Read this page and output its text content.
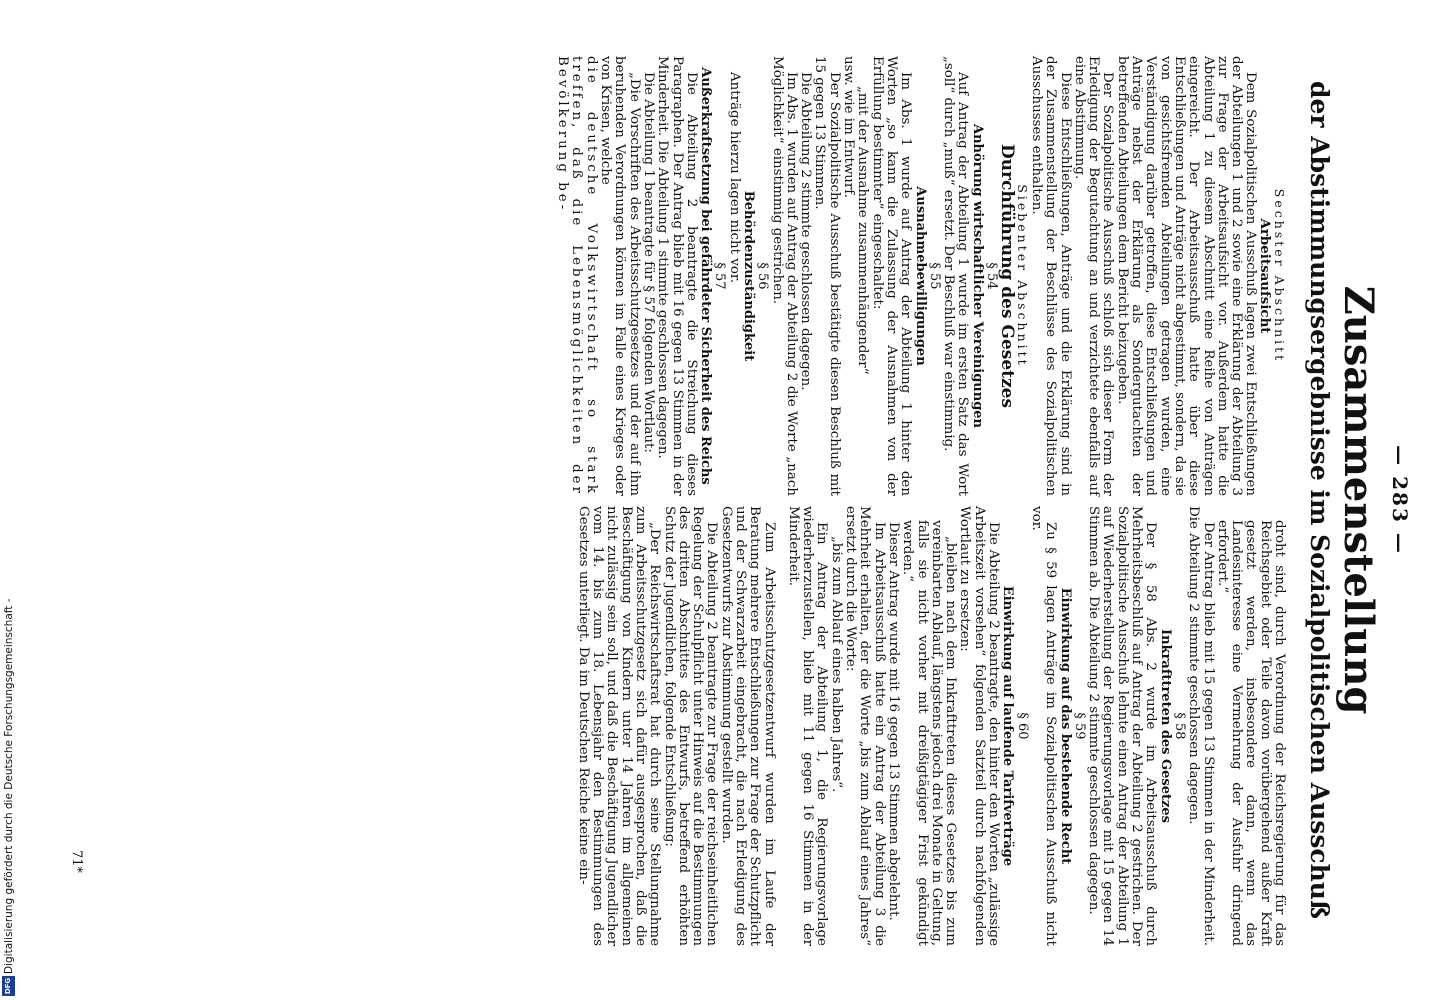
— 283 —
Zusammenstellung
der Abstimmungsergebnisse im Sozialpolitischen Ausschuß

Sechster Abschnitt

Arbeitsaufsicht

Dem Sozialpolitischen Ausschuß lagen zwei Entschließungen der Abteilungen 1 und 2 sowie eine Erklärung der Abteilung 3 zur Frage der Arbeitsaufsicht vor. Außerdem hatte die Abteilung 1 zu diesem Abschnitt eine Reihe von Anträgen eingereicht. Der Arbeitsausschuß hatte über diese Entschließungen und Anträge nicht abgestimmt, sondern, da sie von gesichtsfremden Abteilungen getragen wurden, eine Verständigung darüber getroffen, diese Entschließungen und Anträge nebst der Erklärung als Sondergutachten der betreffenden Abteilungen dem Bericht beizugeben.

Der Sozialpolitische Ausschuß schloß sich dieser Form der Erledigung der Begutachtung an und verzichtete ebenfalls auf eine Abstimmung.

Diese Entschließungen, Anträge und die Erklärung sind in der Zusammenstellung der Beschlüsse des Sozialpolitischen Ausschusses enthalten.

Siebenter Abschnitt

Durchführung des Gesetzes

§ 54

Anhörung wirtschaftlicher Vereinigungen

Auf Antrag der Abteilung 1 wurde im ersten Satz das Wort „soll“ durch „muß“ ersetzt. Der Beschluß war einstimmig.

§ 55

Ausnahmebewilligungen

Im Abs. 1 wurde auf Antrag der Abteilung 1 hinter den Worten „so kann die Zulassung der Ausnahmen von der Erfüllung bestimmter“ eingeschaltet:

„mit der Ausnahme zusammenhängender“

usw. wie im Entwurf.

Der Sozialpolitische Ausschuß bestätigte diesen Beschluß mit 15 gegen 13 Stimmen.

Die Abteilung 2 stimmte geschlossen dagegen.

Im Abs. 1 wurden auf Antrag der Abteilung 2 die Worte „nach Möglichkeit“ einstimmig gestrichen.

§ 56

Behördenzuständigkeit

Anträge hierzu lagen nicht vor.

§ 57

Außerkraftsetzung bei gefährdeter Sicherheit des Reichs

Die Abteilung 2 beantragte die Streichung dieses Paragraphen. Der Antrag blieb mit 16 gegen 13 Stimmen in der Minderheit. Die Abteilung 1 stimmte geschlossen dagegen.

Die Abteilung 1 beantragte für § 57 folgenden Wortlaut:

„Die Vorschriften des Arbeitsschutzgesetzes und der auf ihm beruhenden Verordnungen können im Falle eines Krieges oder von Krisen, welche

die deutsche Volkswirtschaft so stark treffen, daß die Lebensmöglichkeiten der Bevölkerung be-

droht sind, durch Verordnung der Reichsregierung für das Reichsgebiet oder Teile davon vorübergehend außer Kraft gesetzt werden, insbesondere dann, wenn das Landesinteresse eine Vermehrung der Ausfuhr dringend erfordert.“

Der Antrag blieb mit 15 gegen 13 Stimmen in der Minderheit. Die Abteilung 2 stimmte geschlossen dagegen.

§ 58

Inkrafttreten des Gesetzes

Der § 58 Abs. 2 wurde im Arbeitsausschuß durch Mehrheitsbeschluß auf Antrag der Abteilung 2 gestrichen. Der Sozialpolitische Ausschuß lehnte einen Antrag der Abteilung 1 auf Wiederherstellung der Regierungsvorlage mit 15 gegen 14 Stimmen ab. Die Abteilung 2 stimmte geschlossen dagegen.

§ 59

Einwirkung auf das bestehende Recht

Zu § 59 lagen Anträge im Sozialpolitischen Ausschuß nicht vor.

§ 60

Einwirkung auf laufende Tarifverträge

Die Abteilung 2 beantragte, den hinter den Worten „zulässige Arbeitszeit vorsehen“ folgenden Satzteil durch nachfolgenden Wortlaut zu ersetzen:

„bleiben nach dem Inkrafttreten dieses Gesetzes bis zum vereinbarten Ablauf, längstens jedoch drei Monate in Geltung, falls sie nicht vorher mit dreißigtägiger Frist gekündigt werden.“

Dieser Antrag wurde mit 16 gegen 13 Stimmen abgelehnt.

Im Arbeitsausschuß hatte ein Antrag der Abteilung 3 die Mehrheit erhalten, der die Worte „bis zum Ablauf eines Jahres“ ersetzt durch die Worte:

„bis zum Ablauf eines halben Jahres“.

Ein Antrag der Abteilung 1, die Regierungsvorlage wiederherzustellen, blieb mit 11 gegen 16 Stimmen in der Minderheit.

Zum Arbeitsschutzgesetzentwurf wurden im Laufe der Beratung mehrere Entschließungen zur Frage der Schutzpflicht und der Schwarzarbeit eingebracht, die nach Erledigung des Gesetzentwurfs zur Abstimmung gestellt wurden.

Die Abteilung 2 beantragte zur Frage der reichseinheitlichen Regelung der Schulpflicht unter Hinweis auf die Bestimmungen des dritten Abschnittes des Entwurfs, betreffend erhöhten Schutz der Jugendlichen, folgende Entschließung:

„Der Reichswirtschaftsrat hat durch seine Stellungnahme zum Arbeitsschutzgesetz sich dafür ausgesprochen, daß die Beschäftigung von Kindern unter 14 Jahren im allgemeinen nicht zulässig sein soll, und daß die Beschäftigung Jugendlicher vom 14. bis zum 18. Lebensjahr den Bestimmungen des Gesetzes unterliegt. Da im Deutschen Reiche keine ein-

71*
Digitalisierung gefördert durch die Deutsche Forschungsgemeinschaft -
DFG
